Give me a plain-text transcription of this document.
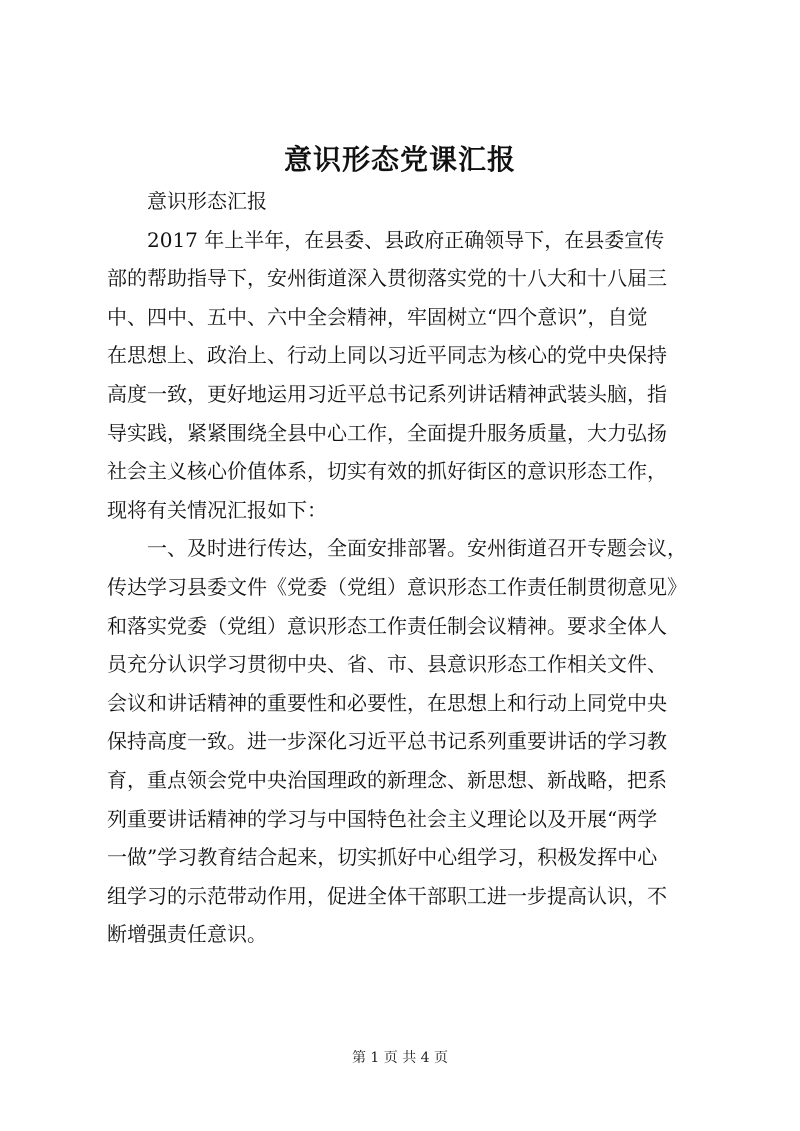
意识形态党课汇报
意识形态汇报
2017 年上半年，在县委、县政府正确领导下，在县委宣传
部的帮助指导下，安州街道深入贯彻落实党的十八大和十八届三
中、四中、五中、六中全会精神，牢固树立“四个意识”，自觉
在思想上、政治上、行动上同以习近平同志为核心的党中央保持
高度一致，更好地运用习近平总书记系列讲话精神武装头脑，指
导实践，紧紧围绕全县中心工作，全面提升服务质量，大力弘扬
社会主义核心价值体系，切实有效的抓好街区的意识形态工作，
现将有关情况汇报如下：
一、及时进行传达，全面安排部署。安州街道召开专题会议，
传达学习县委文件《党委（党组）意识形态工作责任制贯彻意见》
和落实党委（党组）意识形态工作责任制会议精神。要求全体人
员充分认识学习贯彻中央、省、市、县意识形态工作相关文件、
会议和讲话精神的重要性和必要性，在思想上和行动上同党中央
保持高度一致。进一步深化习近平总书记系列重要讲话的学习教
育，重点领会党中央治国理政的新理念、新思想、新战略，把系
列重要讲话精神的学习与中国特色社会主义理论以及开展“两学
一做”学习教育结合起来，切实抓好中心组学习，积极发挥中心
组学习的示范带动作用，促进全体干部职工进一步提高认识，不
断增强责任意识。
第 1 页 共 4 页
